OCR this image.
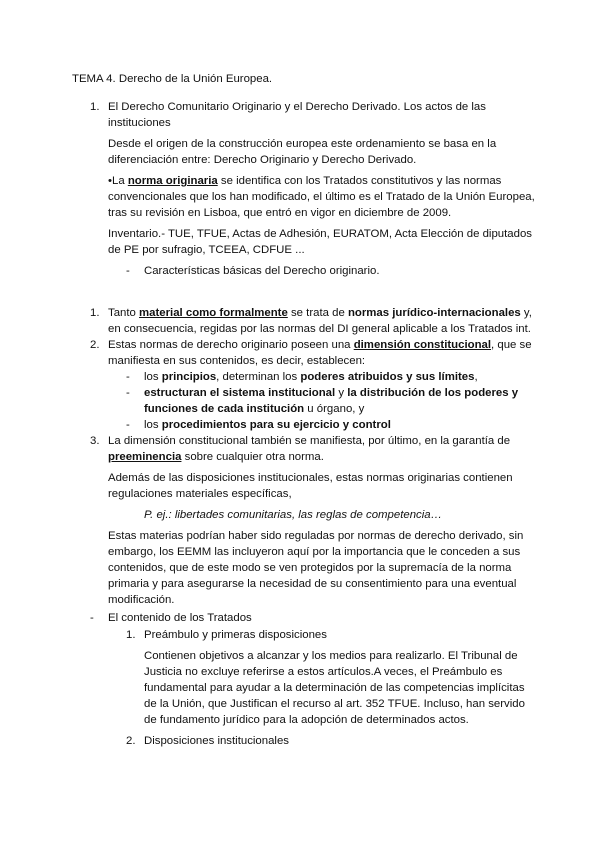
TEMA 4. Derecho de la Unión Europea.
1. El Derecho Comunitario Originario y el Derecho Derivado. Los actos de las
instituciones
Desde el origen de la construcción europea este ordenamiento se basa en la
diferenciación entre: Derecho Originario y Derecho Derivado.
•La norma originaria se identifica con los Tratados constitutivos y las normas
convencionales que los han modificado, el último es el Tratado de la Unión Europea,
tras su revisión en Lisboa, que entró en vigor en diciembre de 2009.
Inventario.- TUE, TFUE, Actas de Adhesión, EURATOM, Acta Elección de diputados
de PE por sufragio, TCEEA, CDFUE ...
- Características básicas del Derecho originario.
1. Tanto material como formalmente se trata de normas jurídico-internacionales y,
en consecuencia, regidas por las normas del DI general aplicable a los Tratados int.
2. Estas normas de derecho originario poseen una dimensión constitucional, que se
manifiesta en sus contenidos, es decir, establecen:
- los principios, determinan los poderes atribuidos y sus límites,
- estructuran el sistema institucional y la distribución de los poderes y
funciones de cada institución u órgano, y
- los procedimientos para su ejercicio y control
3. La dimensión constitucional también se manifiesta, por último, en la garantía de
preeminencia sobre cualquier otra norma.
Además de las disposiciones institucionales, estas normas originarias contienen
regulaciones materiales específicas,
P. ej.: libertades comunitarias, las reglas de competencia…
Estas materias podrían haber sido reguladas por normas de derecho derivado, sin
embargo, los EEMM las incluyeron aquí por la importancia que le conceden a sus
contenidos, que de este modo se ven protegidos por la supremacía de la norma
primaria y para asegurarse la necesidad de su consentimiento para una eventual
modificación.
- El contenido de los Tratados
1. Preámbulo y primeras disposiciones
Contienen objetivos a alcanzar y los medios para realizarlo. El Tribunal de
Justicia no excluye referirse a estos artículos.A veces, el Preámbulo es
fundamental para ayudar a la determinación de las competencias implícitas
de la Unión, que Justifican el recurso al art. 352 TFUE. Incluso, han servido
de fundamento jurídico para la adopción de determinados actos.
2. Disposiciones institucionales
